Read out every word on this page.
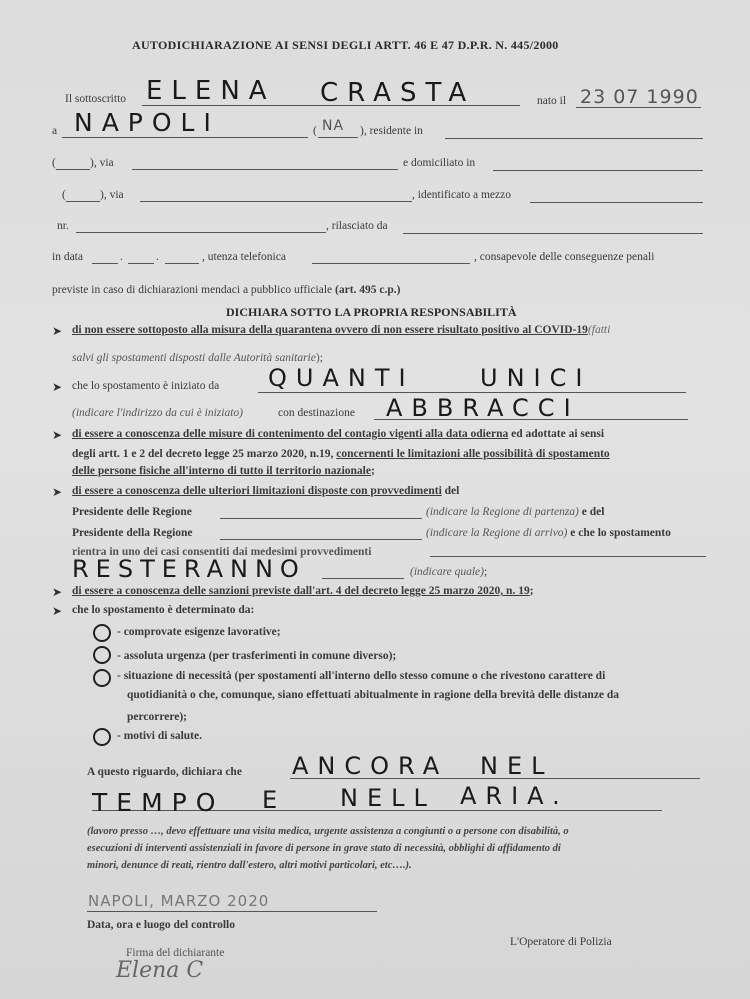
AUTODICHIARAZIONE AI SENSI DEGLI ARTT. 46 E 47 D.P.R. N. 445/2000
Il sottoscritto ELENA CRASTA	nato il 23 07 1990
a NAPOLI	( NA ), residente in
(	), via	e domiciliato in
(	), via	, identificato a mezzo
nr.	, rilasciato da
in data	.	.	, utenza telefonica	, consapevole delle conseguenze penali
previste in caso di dichiarazioni mendaci a pubblico ufficiale (art. 495 c.p.)
DICHIARA SOTTO LA PROPRIA RESPONSABILITÀ
➤ di non essere sottoposto alla misura della quarantena ovvero di non essere risultato positivo al COVID-19(fatti
salvi gli spostamenti disposti dalle Autorità sanitarie);
➤ che lo spostamento è iniziato da QUANTI	UNICI
(indicare l'indirizzo da cui è iniziato)	con destinazione ABBRACCI
➤ di essere a conoscenza delle misure di contenimento del contagio vigenti alla data odierna ed adottate ai sensi
degli artt. 1 e 2 del decreto legge 25 marzo 2020, n.19, concernenti le limitazioni alle possibilità di spostamento
delle persone fisiche all'interno di tutto il territorio nazionale;
➤ di essere a conoscenza delle ulteriori limitazioni disposte con provvedimenti del
Presidente delle Regione	(indicare la Regione di partenza) e del
Presidente della Regione	(indicare la Regione di arrivo) e che lo spostamento
rientra in uno dei casi consentiti dai medesimi provvedimenti
RESTERANNO	(indicare quale);
➤ di essere a conoscenza delle sanzioni previste dall'art. 4 del decreto legge 25 marzo 2020, n. 19;
➤ che lo spostamento è determinato da:
- comprovate esigenze lavorative;
- assoluta urgenza (per trasferimenti in comune diverso);
- situazione di necessità (per spostamenti all'interno dello stesso comune o che rivestono carattere di
quotidianità o che, comunque, siano effettuati abitualmente in ragione della brevità delle distanze da
percorrere);
- motivi di salute.
A questo riguardo, dichiara che ANCORA NEL
TEMPO E NELL ARIA.
(lavoro presso …, devo effettuare una visita medica, urgente assistenza a congiunti o a persone con disabilità, o
esecuzioni di interventi assistenziali in favore di persone in grave stato di necessità, obblighi di affidamento di
minori, denunce di reati, rientro dall'estero, altri motivi particolari, etc….).
NAPOLI, MARZO 2020
Data, ora e luogo del controllo
L'Operatore di Polizia
Firma del dichiarante
Elena C
